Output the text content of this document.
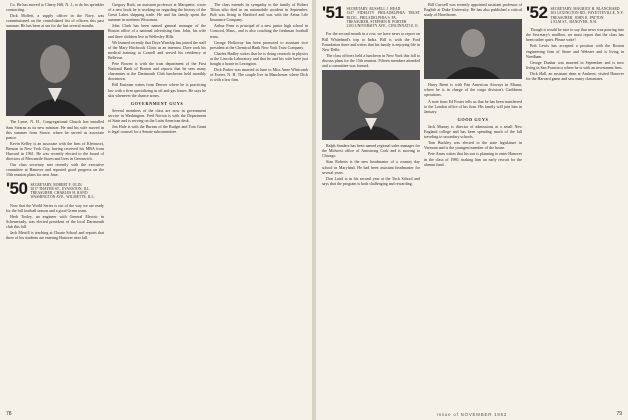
Co. He has moved to Cherry Hill, N. J., to do his sprinkler contracting.

Dick Moffett, a supply officer in the Navy, was commissioned on the consolidated list of officers this past summer. He has been at sea for the last several months.

The Lyme, N. H., Congregational Church has installed Sam Stearns as its new minister. He and his wife moved in this summer from Stowe, where he served as associate pastor.

Kevin Kelley is an associate with the firm of Kleinwort, Benson in New York City, having received his MBA from Harvard in 1961. He was recently elected to the board of directors of Mercantile Stores and lives in Greenwich.

Our class secretary met recently with the executive committee at Hanover and reported good progress on the 15th reunion plans for next June.

'50 SECRETARY, ROBERT F. OLIN
3017 THAYER ST., EVANSTON, ILL.
TREASURER, CHARLES H. RAND
WASHINGTON AVE., WILMETTE, ILL.

Now that the World Series is out of the way we are ready for the fall football season and a good Green team.

Herb Tooley, an engineer with General Electric in Schenectady, was elected president of the local Dartmouth club this fall.

Jack Merrill is teaching at Choate School and reports that three of his students are entering Hanover next fall.

Gregory Ruth, an assistant professor at Marquette, wrote of a new book he is working on regarding the history of the Great Lakes shipping trade. He and his family spent the summer in northern Wisconsin.

John Clark has been named general manager of the Boston office of a national advertising firm. John, his wife and three children live in Wellesley Hills.

We learned recently that Dave Winship has joined the staff of the Mary Hitchcock Clinic as an internist. Dave took his medical training at Cornell and served his residency at Bellevue.

Pete Bowen is with the trust department of the First National Bank of Boston and reports that he sees many classmates at the Dartmouth Club luncheons held monthly downtown.

Bill Eastman writes from Denver where he is practicing law with a firm specializing in oil and gas leases. He says he skis whenever the chance arises.

GOVERNMENT GUYS

Several members of the class are now in government service in Washington. Fred Norton is with the Department of State and is serving on the Latin American desk.

Jim Hale is with the Bureau of the Budget and Tom Grant is legal counsel for a Senate subcommittee.

The class extends its sympathy to the family of Robert Tilton who died in an automobile accident in September. Bob was living in Hartford and was with the Aetna Life Insurance Company.

Arthur Fenn is principal of a new junior high school in Concord, Mass., and is also coaching the freshman football team.

George Holloway has been promoted to assistant vice president at the Chemical Bank New York Trust Company.

Charles Hadley writes that he is doing research in physics at the Lincoln Laboratory and that he and his wife have just bought a house in Lexington.

Dick Parker was married in June to Miss Anne Whitcomb of Exeter, N. H. The couple live in Manchester where Dick is with a law firm.

78
'51 SECRETARY, RUSSELL J. HEAD
1347 FIDELITY PHILADELPHIA TRUST BLDG., PHILADELPHIA 9, PA.
TREASURER, STEPHEN R. PORTER
2103 UNIVERSITY AVE., CINCINNATI 8, O.

For the second month in a row, we have news to report on Bill Whitehead's trip to India. Bill is with the Ford Foundation there and writes that his family is enjoying life in New Delhi.

The class officers held a luncheon in New York this fall to discuss plans for the 15th reunion. Fifteen members attended and a committee was formed.

Ralph Sanders has been named regional sales manager for the Midwest office of Armstrong Cork and is moving to Chicago.

Stan Roberts is the new headmaster of a country day school in Maryland. He had been assistant headmaster for several years.

Don Laird is in his second year at the Tuck School and says that the program is both challenging and rewarding.

Bill Caswell was recently appointed assistant professor of English at Duke University. He has also published a critical study of Hawthorne.

Harry Brent is with Pan American Airways in Miami, where he is in charge of the cargo division's Caribbean operations.

A note from Ed Foster tells us that he has been transferred to the London office of his firm. His family will join him in January.

GOOD GUYS

Jack Murray is director of admissions at a small New England college and has been spending much of the fall traveling to secondary schools.

Tom Buckley was elected to the state legislature in Vermont and is the youngest member of the house.

Pete Ames writes that his son is planning to enter Hanover in the class of 1980, making him an early recruit for the alumni fund.

'52 SECRETARY, MAURICE H. BLANCHARD
303 LEXINGTON RD., FAYETTEVILLE, N.Y.
TREASURER, JOHN K. PATTON
2 ELM ST., HANOVER, N.H.

Though it would be nice to say that news was pouring into the Secretary's mailbox, we must report that the class has been rather quiet. Please write!

Bob Lewis has accepted a position with the Boston engineering firm of Stone and Webster and is living in Needham.

George Dunbar was married in September and is now living in San Francisco where he is with an investment firm.

Dick Hall, an assistant dean at Amherst, visited Hanover for the Harvard game and saw many classmates.

Issue of NOVEMBER 1962	79
